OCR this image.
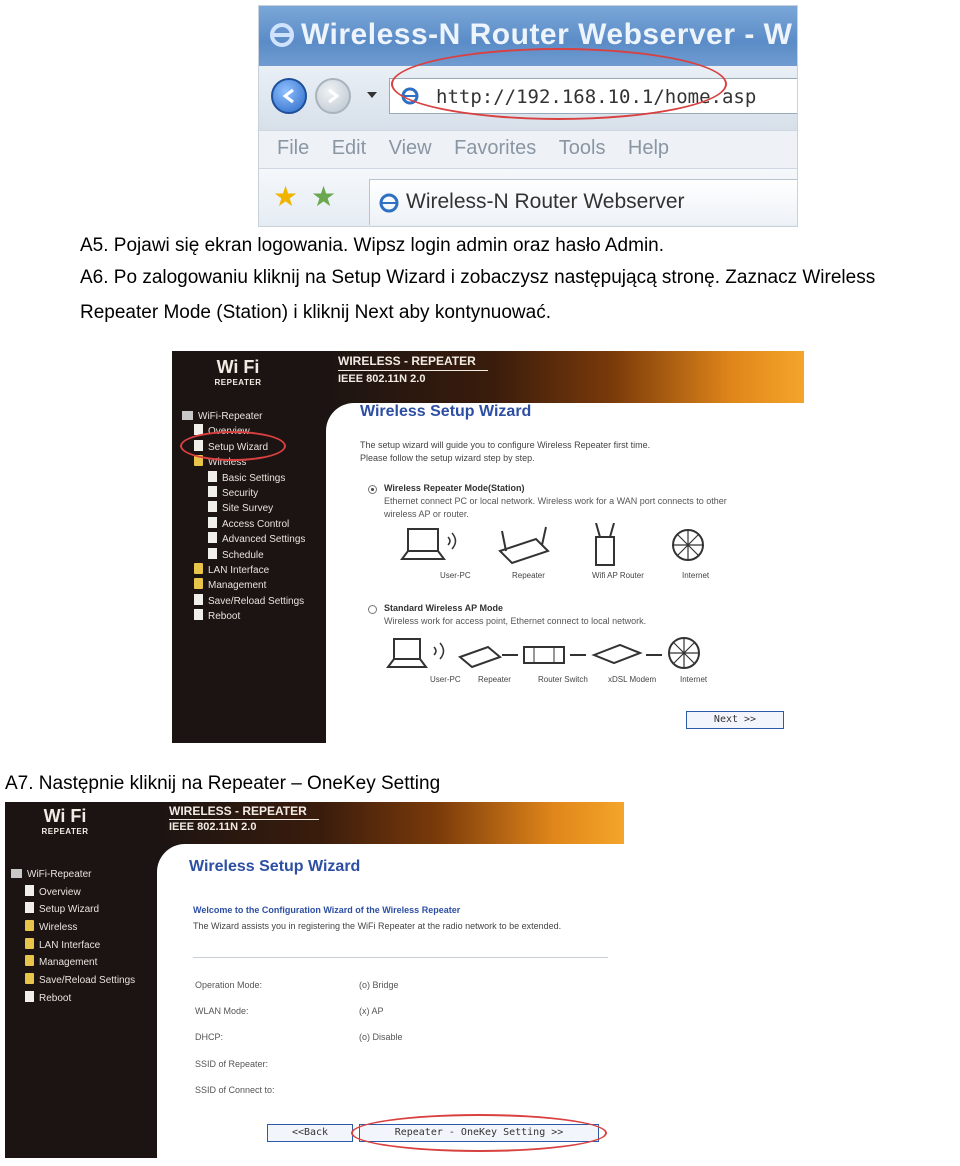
Wireless-N Router Webserver - W
http://192.168.10.1/home.asp
File Edit View Favorites Tools Help
★ ★	Wireless-N Router Webserver
A5. Pojawi się ekran logowania. Wipsz login admin oraz hasło Admin.
A6. Po zalogowaniu kliknij na Setup Wizard i zobaczysz następującą stronę. Zaznacz Wireless
Repeater Mode (Station) i kliknij Next aby kontynuować.
WIRELESS - REPEATER
IEEE 802.11N 2.0
Wi Fi
REPEATER
WiFi-Repeater
Overview
Setup Wizard
Wireless
Basic Settings
Security
Site Survey
Access Control
Advanced Settings
Schedule
LAN Interface
Management
Save/Reload Settings
Reboot
Wireless Setup Wizard
The setup wizard will guide you to configure Wireless Repeater first time.
Please follow the setup wizard step by step.
Wireless Repeater Mode(Station)
Ethernet connect PC or local network. Wireless work for a WAN port connects to other
wireless AP or router.
User-PC	Repeater	Wifi AP Router	Internet
Standard Wireless AP Mode
Wireless work for access point, Ethernet connect to local network.
User-PC Repeater	Router Switch	xDSL Modem	Internet
Next >>
A7. Następnie kliknij na Repeater – OneKey Setting
WIRELESS - REPEATER
IEEE 802.11N 2.0
Wi Fi
REPEATER
WiFi-Repeater
Overview
Setup Wizard
Wireless
LAN Interface
Management
Save/Reload Settings
Reboot
Wireless Setup Wizard
Welcome to the Configuration Wizard of the Wireless Repeater
The Wizard assists you in registering the WiFi Repeater at the radio network to be extended.
Operation Mode:	(o) Bridge
WLAN Mode:	(x) AP
DHCP:	(o) Disable
SSID of Repeater:
SSID of Connect to:
<<Back	Repeater - OneKey Setting >>
